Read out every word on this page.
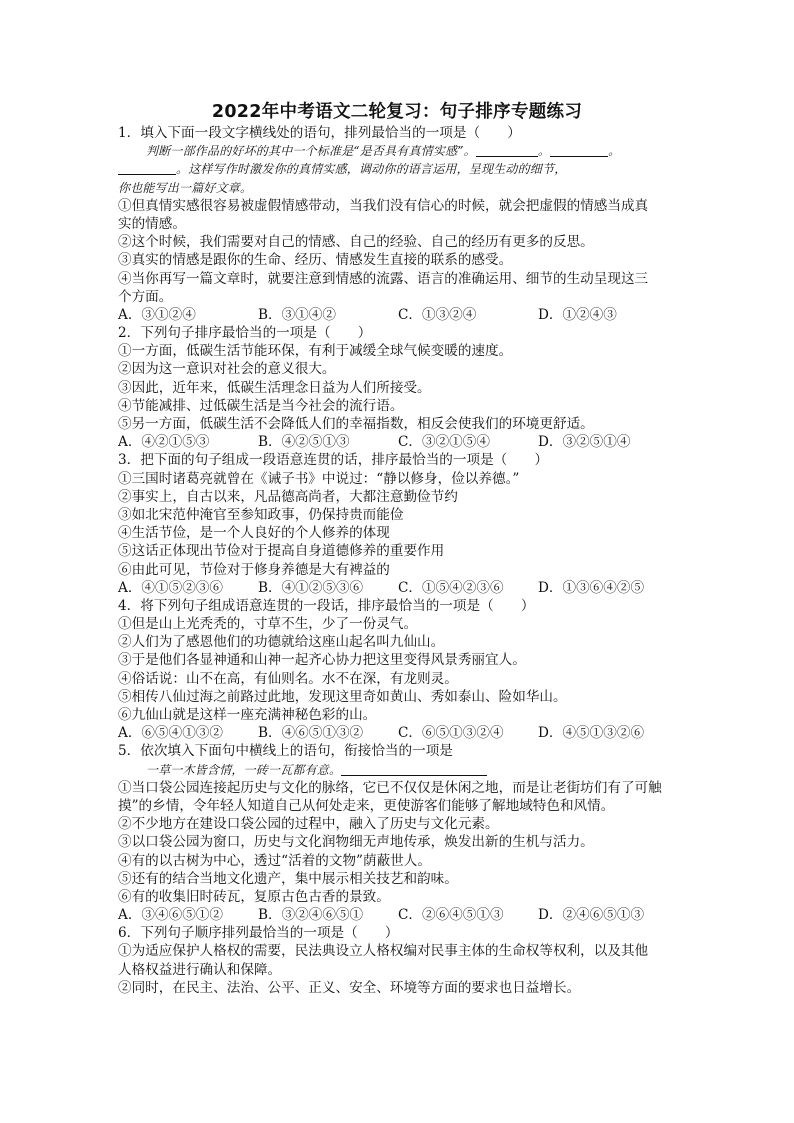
2022年中考语文二轮复习：句子排序专题练习
1．填入下面一段文字横线处的语句，排列最恰当的一项是（　　）
判断一部作品的好坏的其中一个标准是“是否具有真情实感”。	。	。
。这样写作时激发你的真情实感，调动你的语言运用，呈现生动的细节，
你也能写出一篇好文章。
①但真情实感很容易被虚假情感带动，当我们没有信心的时候，就会把虚假的情感当成真
实的情感。
②这个时候，我们需要对自己的情感、自己的经验、自己的经历有更多的反思。
③真实的情感是跟你的生命、经历、情感发生直接的联系的感受。
④当你再写一篇文章时，就要注意到情感的流露、语言的准确运用、细节的生动呈现这三
个方面。
A．③①②④	B．③①④②	C．①③②④	D．①②④③
2．下列句子排序最恰当的一项是（　　）
①一方面，低碳生活节能环保，有利于减缓全球气候变暖的速度。
②因为这一意识对社会的意义很大。
③因此，近年来，低碳生活理念日益为人们所接受。
④节能减排、过低碳生活是当今社会的流行语。
⑤另一方面，低碳生活不会降低人们的幸福指数，相反会使我们的环境更舒适。
A．④②①⑤③	B．④②⑤①③	C．③②①⑤④	D．③②⑤①④
3．把下面的句子组成一段语意连贯的话，排序最恰当的一项是（　　）
①三国时诸葛亮就曾在《诫子书》中说过：“静以修身，俭以养德。”
②事实上，自古以来，凡品德高尚者，大都注意勤俭节约
③如北宋范仲淹官至参知政事，仍保持贵而能俭
④生活节俭，是一个人良好的个人修养的体现
⑤这话正体现出节俭对于提高自身道德修养的重要作用
⑥由此可见，节俭对于修身养德是大有裨益的
A．④①⑤②③⑥	B．④①②⑤③⑥	C．①⑤④②③⑥	D．①③⑥④②⑤
4．将下列句子组成语意连贯的一段话，排序最恰当的一项是（　　）
①但是山上光秃秃的，寸草不生，少了一份灵气。
②人们为了感恩他们的功德就给这座山起名叫九仙山。
③于是他们各显神通和山神一起齐心协力把这里变得风景秀丽宜人。
④俗话说：山不在高，有仙则名。水不在深，有龙则灵。
⑤相传八仙过海之前路过此地，发现这里奇如黄山、秀如泰山、险如华山。
⑥九仙山就是这样一座充满神秘色彩的山。
A．⑥⑤④①③②	B．④⑥⑤①③②	C．⑥⑤①③②④	D．④⑤①③②⑥
5．依次填入下面句中横线上的语句，衔接恰当的一项是
一草一木皆含情，一砖一瓦都有意。
①当口袋公园连接起历史与文化的脉络，它已不仅仅是休闲之地，而是让老街坊们有了可触
摸”的乡情，令年轻人知道自己从何处走来，更使游客们能够了解地域特色和风情。
②不少地方在建设口袋公园的过程中，融入了历史与文化元素。
③以口袋公园为窗口，历史与文化润物细无声地传承，焕发出新的生机与活力。
④有的以古树为中心，透过“活着的文物”荫蔽世人。
⑤还有的结合当地文化遗产，集中展示相关技艺和韵味。
⑥有的收集旧时砖瓦，复原古色古香的景致。
A．③④⑥⑤①②	B．③②④⑥⑤①	C．②⑥④⑤①③	D．②④⑥⑤①③
6．下列句子顺序排列最恰当的一项是（　　）
①为适应保护人格权的需要，民法典设立人格权编对民事主体的生命权等权利，以及其他
人格权益进行确认和保障。
②同时，在民主、法治、公平、正义、安全、环境等方面的要求也日益增长。
